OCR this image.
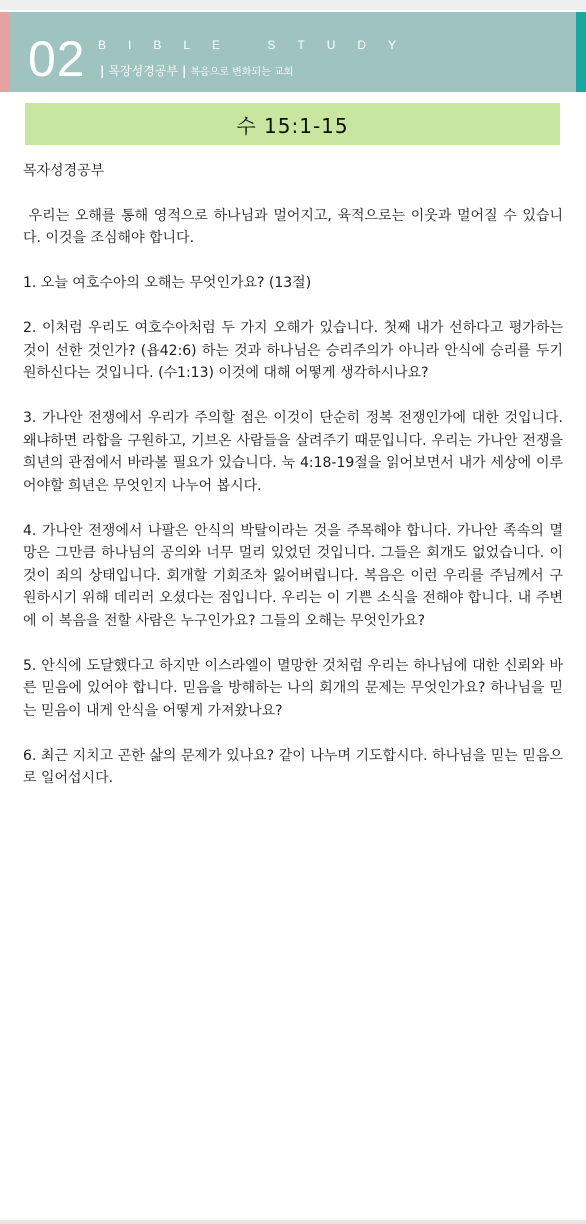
02 BIBLE STUDY
| 목장성경공부 | 복음으로 변화되는 교회
수 15:1-15

목자성경공부

우리는 오해를 통해 영적으로 하나님과 멀어지고, 육적으로는 이웃과 멀어질 수 있습니다. 이것을 조심해야 합니다.

1. 오늘 여호수아의 오해는 무엇인가요? (13절)

2. 이처럼 우리도 여호수아처럼 두 가지 오해가 있습니다. 첫째 내가 선하다고 평가하는 것이 선한 것인가? (욥42:6) 하는 것과 하나님은 승리주의가 아니라 안식에 승리를 두기 원하신다는 것입니다. (수1:13) 이것에 대해 어떻게 생각하시나요?

3. 가나안 전쟁에서 우리가 주의할 점은 이것이 단순히 정복 전쟁인가에 대한 것입니다. 왜냐하면 라합을 구원하고, 기브온 사람들을 살려주기 때문입니다. 우리는 가나안 전쟁을 희년의 관점에서 바라볼 필요가 있습니다. 눅 4:18-19절을 읽어보면서 내가 세상에 이루어야할 희년은 무엇인지 나누어 봅시다.

4. 가나안 전쟁에서 나팔은 안식의 박탈이라는 것을 주목해야 합니다. 가나안 족속의 멸망은 그만큼 하나님의 공의와 너무 멀리 있었던 것입니다. 그들은 회개도 없었습니다. 이것이 죄의 상태입니다. 회개할 기회조차 잃어버립니다. 복음은 이런 우리를 주님께서 구원하시기 위해 데리러 오셨다는 점입니다. 우리는 이 기쁜 소식을 전해야 합니다. 내 주변에 이 복음을 전할 사람은 누구인가요? 그들의 오해는 무엇인가요?

5. 안식에 도달했다고 하지만 이스라엘이 멸망한 것처럼 우리는 하나님에 대한 신뢰와 바른 믿음에 있어야 합니다. 믿음을 방해하는 나의 회개의 문제는 무엇인가요? 하나님을 믿는 믿음이 내게 안식을 어떻게 가져왔나요?

6. 최근 지치고 곤한 삶의 문제가 있나요? 같이 나누며 기도합시다. 하나님을 믿는 믿음으로 일어섭시다.
